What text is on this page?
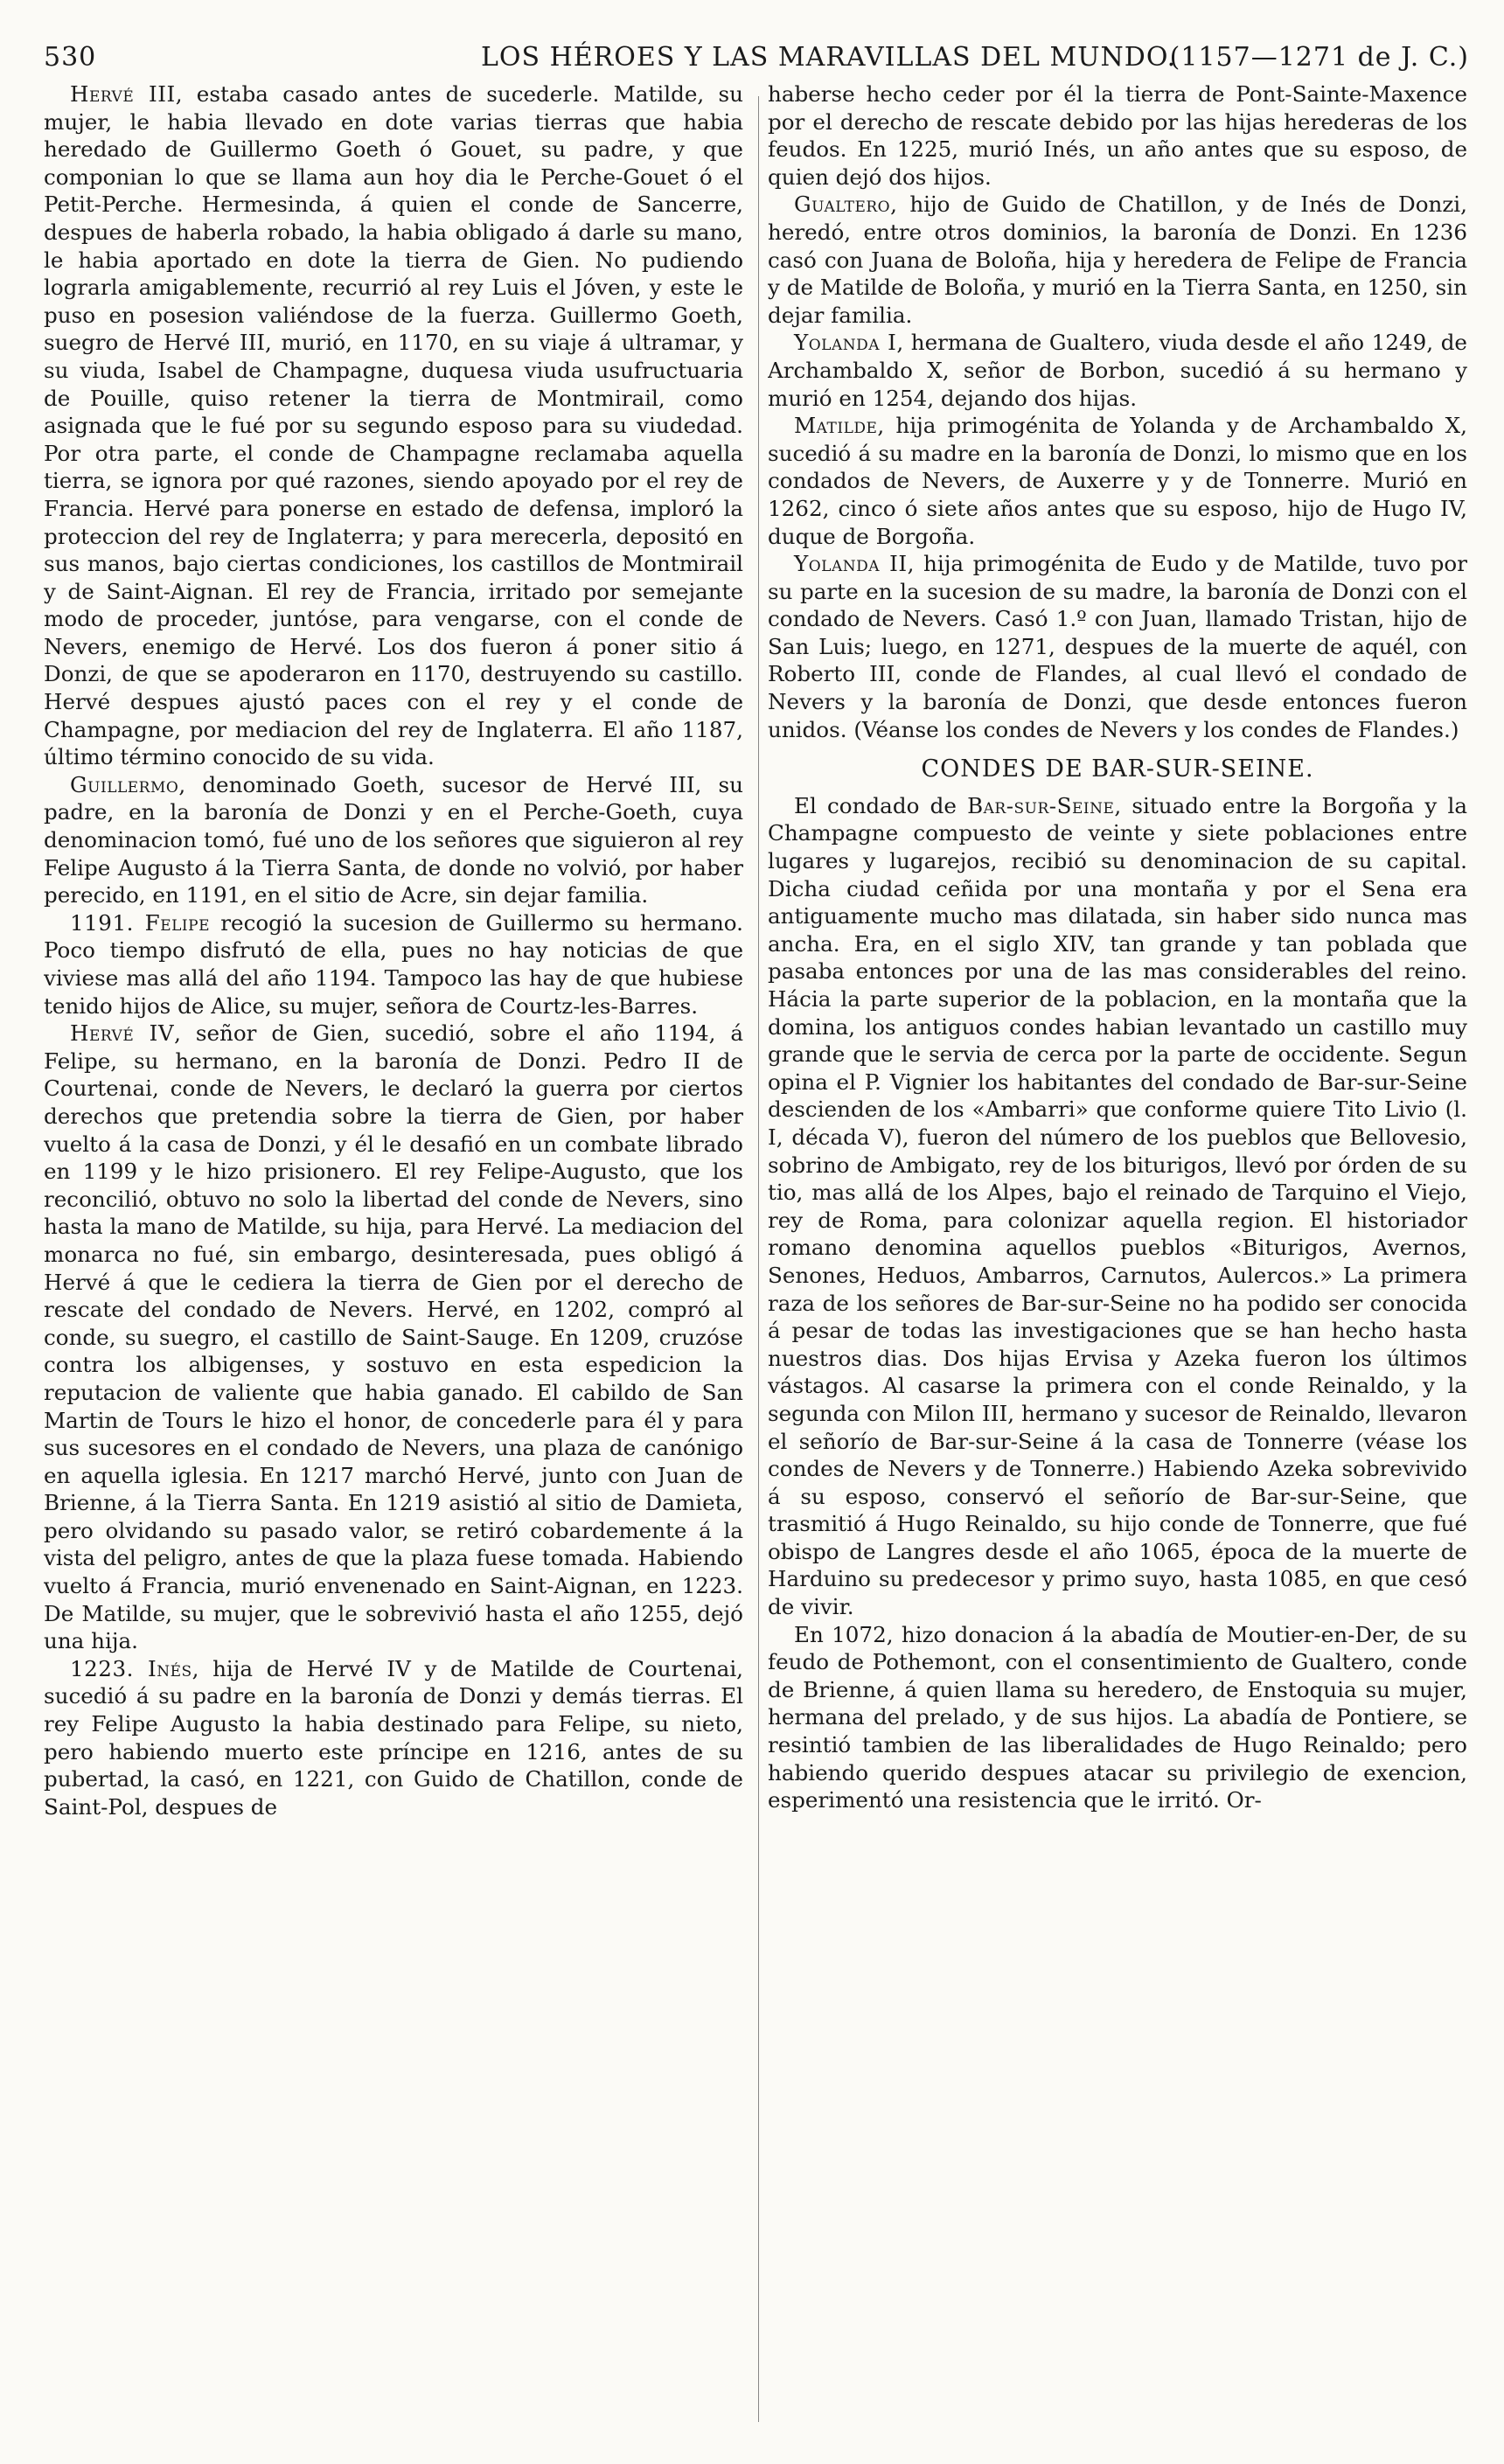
530	LOS HÉROES Y LAS MARAVILLAS DEL MUNDO.
(1157—1271 de J. C.)

Hervé III, estaba casado antes de sucederle. Matilde, su mujer, le habia llevado en dote varias tierras que habia heredado de Guillermo Goeth ó Gouet, su padre, y que componian lo que se llama aun hoy dia le Perche-Gouet ó el Petit-Perche. Hermesinda, á quien el conde de Sancerre, despues de haberla robado, la habia obligado á darle su mano, le habia aportado en dote la tierra de Gien. No pudiendo lograrla amigablemente, recurrió al rey Luis el Jóven, y este le puso en posesion valiéndose de la fuerza. Guillermo Goeth, suegro de Hervé III, murió, en 1170, en su viaje á ultramar, y su viuda, Isabel de Champagne, duquesa viuda usufructuaria de Pouille, quiso retener la tierra de Montmirail, como asignada que le fué por su segundo esposo para su viudedad. Por otra parte, el conde de Champagne reclamaba aquella tierra, se ignora por qué razones, siendo apoyado por el rey de Francia. Hervé para ponerse en estado de defensa, imploró la proteccion del rey de Inglaterra; y para merecerla, depositó en sus manos, bajo ciertas condiciones, los castillos de Montmirail y de Saint-Aignan. El rey de Francia, irritado por semejante modo de proceder, juntóse, para vengarse, con el conde de Nevers, enemigo de Hervé. Los dos fueron á poner sitio á Donzi, de que se apoderaron en 1170, destruyendo su castillo. Hervé despues ajustó paces con el rey y el conde de Champagne, por mediacion del rey de Inglaterra. El año 1187, último término conocido de su vida.

Guillermo, denominado Goeth, sucesor de Hervé III, su padre, en la baronía de Donzi y en el Perche-Goeth, cuya denominacion tomó, fué uno de los señores que siguieron al rey Felipe Augusto á la Tierra Santa, de donde no volvió, por haber perecido, en 1191, en el sitio de Acre, sin dejar familia.

1191. Felipe recogió la sucesion de Guillermo su hermano. Poco tiempo disfrutó de ella, pues no hay noticias de que viviese mas allá del año 1194. Tampoco las hay de que hubiese tenido hijos de Alice, su mujer, señora de Courtz-les-Barres.

Hervé IV, señor de Gien, sucedió, sobre el año 1194, á Felipe, su hermano, en la baronía de Donzi. Pedro II de Courtenai, conde de Nevers, le declaró la guerra por ciertos derechos que pretendia sobre la tierra de Gien, por haber vuelto á la casa de Donzi, y él le desafió en un combate librado en 1199 y le hizo prisionero. El rey Felipe-Augusto, que los reconcilió, obtuvo no solo la libertad del conde de Nevers, sino hasta la mano de Matilde, su hija, para Hervé. La mediacion del monarca no fué, sin embargo, desinteresada, pues obligó á Hervé á que le cediera la tierra de Gien por el derecho de rescate del condado de Nevers. Hervé, en 1202, compró al conde, su suegro, el castillo de Saint-Sauge. En 1209, cruzóse contra los albigenses, y sostuvo en esta espedicion la reputacion de valiente que habia ganado. El cabildo de San Martin de Tours le hizo el honor, de concederle para él y para sus sucesores en el condado de Nevers, una plaza de canónigo en aquella iglesia. En 1217 marchó Hervé, junto con Juan de Brienne, á la Tierra Santa. En 1219 asistió al sitio de Damieta, pero olvidando su pasado valor, se retiró cobardemente á la vista del peligro, antes de que la plaza fuese tomada. Habiendo vuelto á Francia, murió envenenado en Saint-Aignan, en 1223. De Matilde, su mujer, que le sobrevivió hasta el año 1255, dejó una hija.

1223. Inés, hija de Hervé IV y de Matilde de Courtenai, sucedió á su padre en la baronía de Donzi y demás tierras. El rey Felipe Augusto la habia destinado para Felipe, su nieto, pero habiendo muerto este príncipe en 1216, antes de su pubertad, la casó, en 1221, con Guido de Chatillon, conde de Saint-Pol, despues de

haberse hecho ceder por él la tierra de Pont-Sainte-Maxence por el derecho de rescate debido por las hijas herederas de los feudos. En 1225, murió Inés, un año antes que su esposo, de quien dejó dos hijos.

Gualtero, hijo de Guido de Chatillon, y de Inés de Donzi, heredó, entre otros dominios, la baronía de Donzi. En 1236 casó con Juana de Boloña, hija y heredera de Felipe de Francia y de Matilde de Boloña, y murió en la Tierra Santa, en 1250, sin dejar familia.

Yolanda I, hermana de Gualtero, viuda desde el año 1249, de Archambaldo X, señor de Borbon, sucedió á su hermano y murió en 1254, dejando dos hijas.

Matilde, hija primogénita de Yolanda y de Archambaldo X, sucedió á su madre en la baronía de Donzi, lo mismo que en los condados de Nevers, de Auxerre y y de Tonnerre. Murió en 1262, cinco ó siete años antes que su esposo, hijo de Hugo IV, duque de Borgoña.

Yolanda II, hija primogénita de Eudo y de Matilde, tuvo por su parte en la sucesion de su madre, la baronía de Donzi con el condado de Nevers. Casó 1.º con Juan, llamado Tristan, hijo de San Luis; luego, en 1271, despues de la muerte de aquél, con Roberto III, conde de Flandes, al cual llevó el condado de Nevers y la baronía de Donzi, que desde entonces fueron unidos. (Véanse los condes de Nevers y los condes de Flandes.)

CONDES DE BAR-SUR-SEINE.

El condado de Bar-sur-Seine, situado entre la Borgoña y la Champagne compuesto de veinte y siete poblaciones entre lugares y lugarejos, recibió su denominacion de su capital. Dicha ciudad ceñida por una montaña y por el Sena era antiguamente mucho mas dilatada, sin haber sido nunca mas ancha. Era, en el siglo XIV, tan grande y tan poblada que pasaba entonces por una de las mas considerables del reino. Hácia la parte superior de la poblacion, en la montaña que la domina, los antiguos condes habian levantado un castillo muy grande que le servia de cerca por la parte de occidente. Segun opina el P. Vignier los habitantes del condado de Bar-sur-Seine descienden de los «Ambarri» que conforme quiere Tito Livio (l. I, década V), fueron del número de los pueblos que Bellovesio, sobrino de Ambigato, rey de los biturigos, llevó por órden de su tio, mas allá de los Alpes, bajo el reinado de Tarquino el Viejo, rey de Roma, para colonizar aquella region. El historiador romano denomina aquellos pueblos «Biturigos, Avernos, Senones, Heduos, Ambarros, Carnutos, Aulercos.» La primera raza de los señores de Bar-sur-Seine no ha podido ser conocida á pesar de todas las investigaciones que se han hecho hasta nuestros dias. Dos hijas Ervisa y Azeka fueron los últimos vástagos. Al casarse la primera con el conde Reinaldo, y la segunda con Milon III, hermano y sucesor de Reinaldo, llevaron el señorío de Bar-sur-Seine á la casa de Tonnerre (véase los condes de Nevers y de Tonnerre.) Habiendo Azeka sobrevivido á su esposo, conservó el señorío de Bar-sur-Seine, que trasmitió á Hugo Reinaldo, su hijo conde de Tonnerre, que fué obispo de Langres desde el año 1065, época de la muerte de Harduino su predecesor y primo suyo, hasta 1085, en que cesó de vivir.

En 1072, hizo donacion á la abadía de Moutier-en-Der, de su feudo de Pothemont, con el consentimiento de Gualtero, conde de Brienne, á quien llama su heredero, de Enstoquia su mujer, hermana del prelado, y de sus hijos. La abadía de Pontiere, se resintió tambien de las liberalidades de Hugo Reinaldo; pero habiendo querido despues atacar su privilegio de exencion, esperimentó una resistencia que le irritó. Or-
